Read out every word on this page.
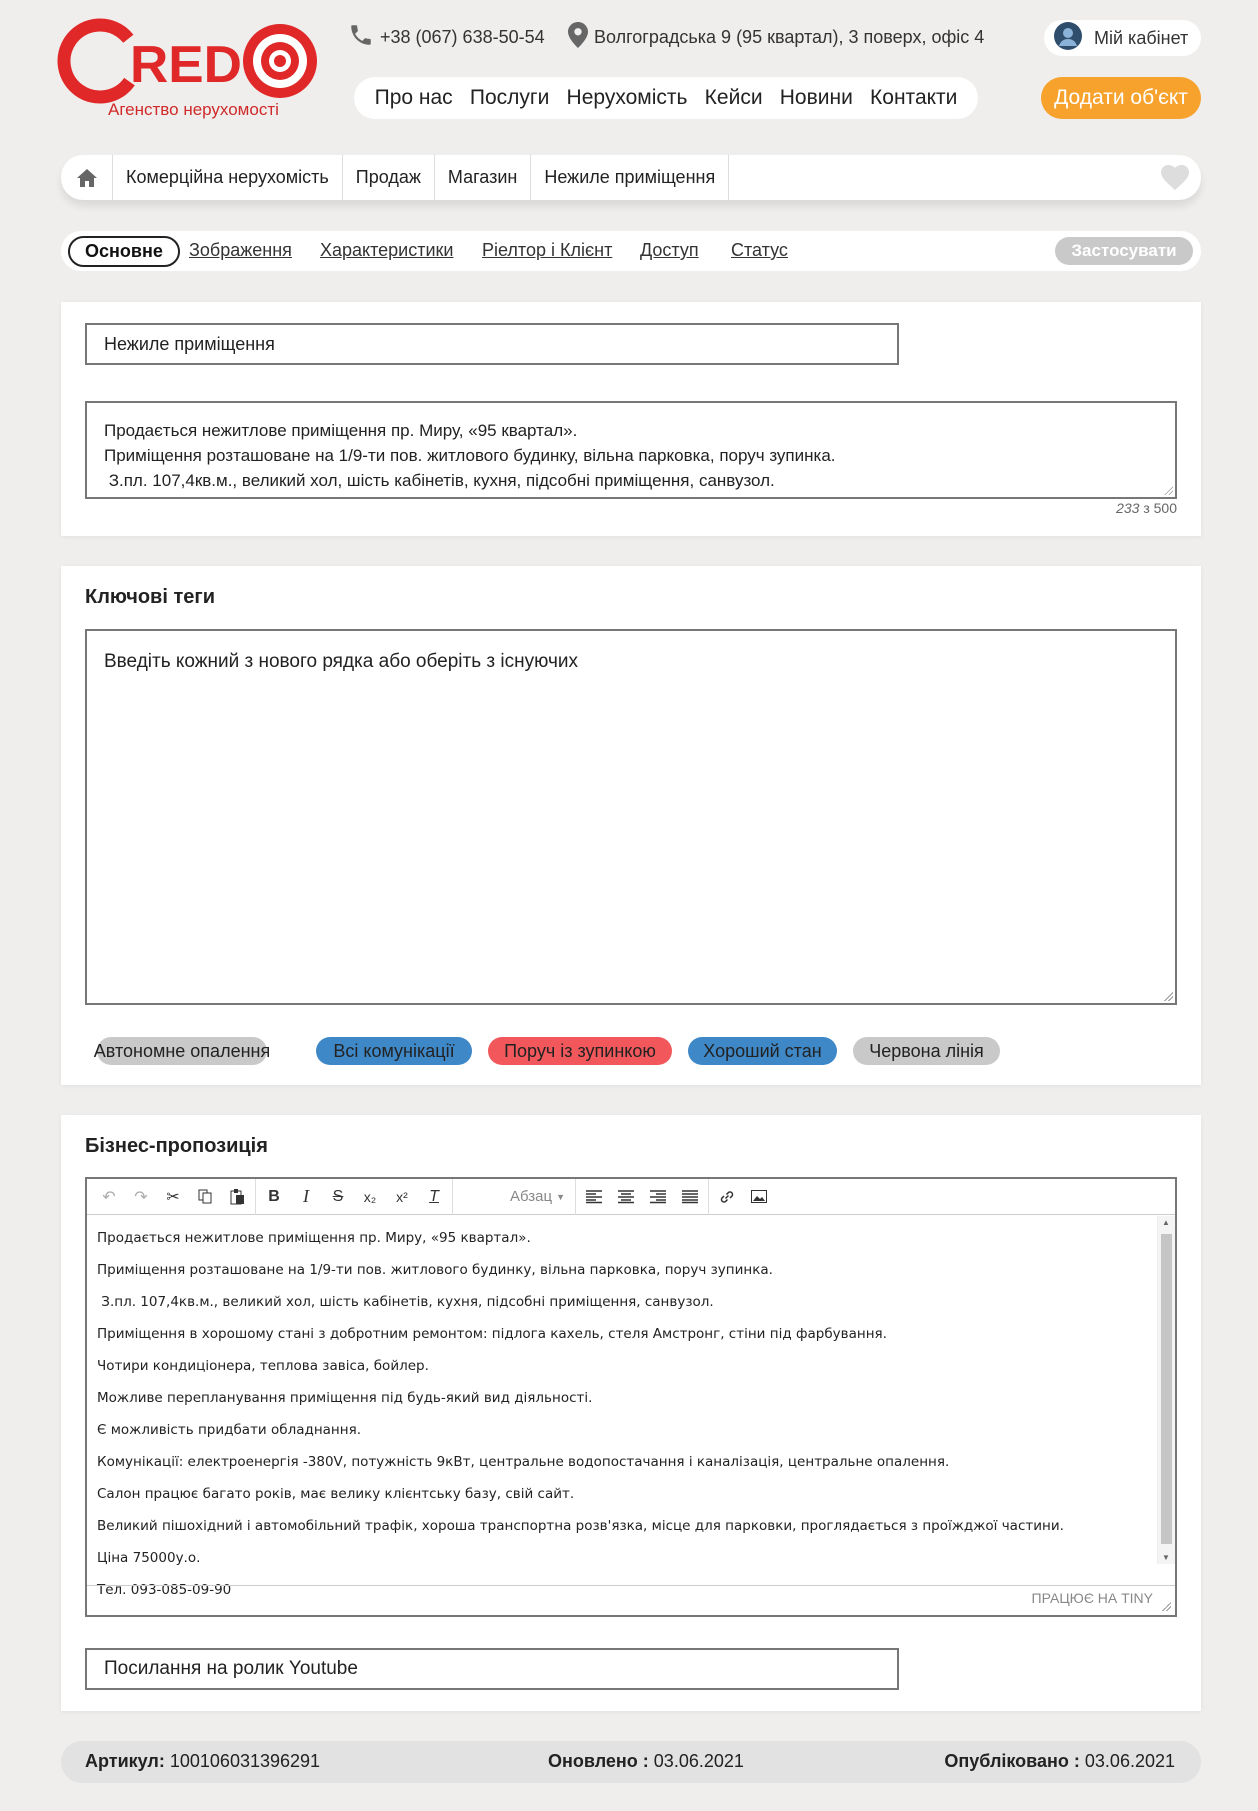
RED
Агенство нерухомості
+38 (067) 638-50-54	Волгоградська 9 (95 квартал), 3 поверх, офіс 4	Мій кабінет
Про нас Послуги Нерухомість Кейси Новини Контакти	Додати об'єкт
Комерційна нерухомість	Продаж	Магазин	Нежиле приміщення
Основне	Зображення Характеристики Ріелтор і Клієнт Доступ Статус	Застосувати
Нежиле приміщення
Продається нежитлове приміщення пр. Миру, «95 квартал».
Приміщення розташоване на 1/9-ти пов. житлового будинку, вільна парковка, поруч зупинка.
З.пл. 107,4кв.м., великий хол, шість кабінетів, кухня, підсобні приміщення, санвузол.
233 з 500
Ключові теги
Введіть кожний з нового рядка або оберіть з існуючих
Автономне опалення	Всі комунікації	Поруч із зупинкою	Хороший стан	Червона лінія
Бізнес-пропозиція
↶	↷	✂	B	I	S	x₂	x²	T	Абзац ▼

Продається нежитлове приміщення пр. Миру, «95 квартал».

Приміщення розташоване на 1/9-ти пов. житлового будинку, вільна парковка, поруч зупинка.

З.пл. 107,4кв.м., великий хол, шість кабінетів, кухня, підсобні приміщення, санвузол.

Приміщення в хорошому стані з добротним ремонтом: підлога кахель, стеля Амстронг, стіни під фарбування.

Чотири кондиціонера, теплова завіса, бойлер.

Можливе перепланування приміщення під будь-який вид діяльності.

Є можливість придбати обладнання.

Комунікації: електроенергія -380V, потужність 9кВт, центральне водопостачання і каналізація, центральне опалення.

Салон працює багато років, має велику клієнтську базу, свій сайт.

Великий пішохідний і автомобільний трафік, хороша транспортна розв'язка, місце для парковки, проглядається з проїжджої частини.

Ціна 75000у.о.

Тел. 093-085-09-90

▲
▼
ПРАЦЮЄ НА TINY
Посилання на ролик Youtube
Артикул: 100106031396291	Оновлено : 03.06.2021	Опубліковано : 03.06.2021
